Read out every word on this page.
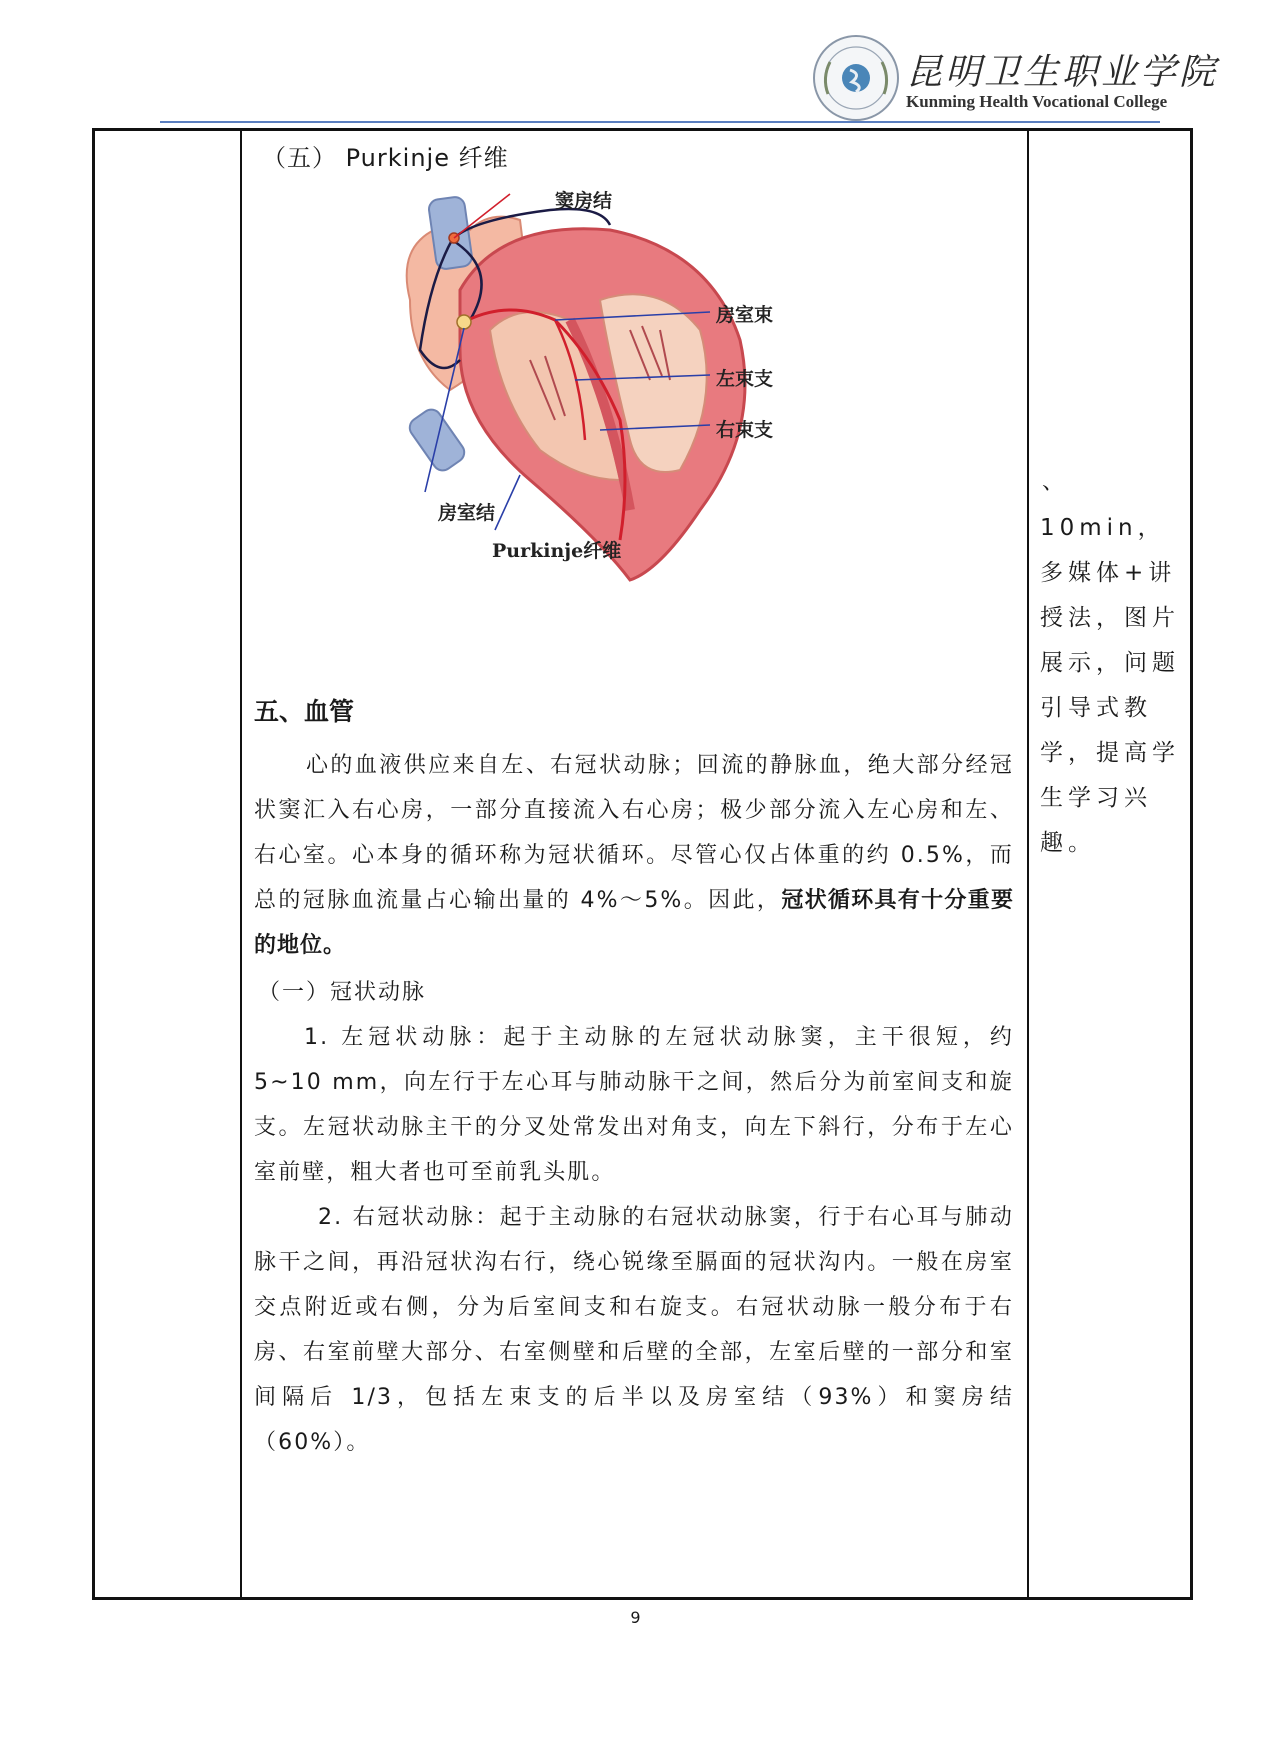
昆明卫生职业学院
Kunming Health Vocational College
（五） Purkinje 纤维
窦房结
房室束
左束支
右束支
房室结
Purkinje纤维
五、血管

心的血液供应来自左、右冠状动脉；回流的静脉血，绝大部分经冠状窦汇入右心房，一部分直接流入右心房；极少部分流入左心房和左、右心室。心本身的循环称为冠状循环。尽管心仅占体重的约 0.5%，而总的冠脉血流量占心输出量的 4%～5%。因此，冠状循环具有十分重要的地位。

（一）冠状动脉

1. 左冠状动脉：起于主动脉的左冠状动脉窦，主干很短，约 5~10 mm，向左行于左心耳与肺动脉干之间，然后分为前室间支和旋支。左冠状动脉主干的分叉处常发出对角支，向左下斜行，分布于左心室前壁，粗大者也可至前乳头肌。

2. 右冠状动脉：起于主动脉的右冠状动脉窦，行于右心耳与肺动脉干之间，再沿冠状沟右行，绕心锐缘至膈面的冠状沟内。一般在房室交点附近或右侧，分为后室间支和右旋支。右冠状动脉一般分布于右房、右室前壁大部分、右室侧壁和后壁的全部，左室后壁的一部分和室间隔后 1/3，包括左束支的后半以及房室结（93%）和窦房结（60%）。

、

10min，多媒体+讲授法，图片展示，问题引导式教学，提高学生学习兴趣。

9
